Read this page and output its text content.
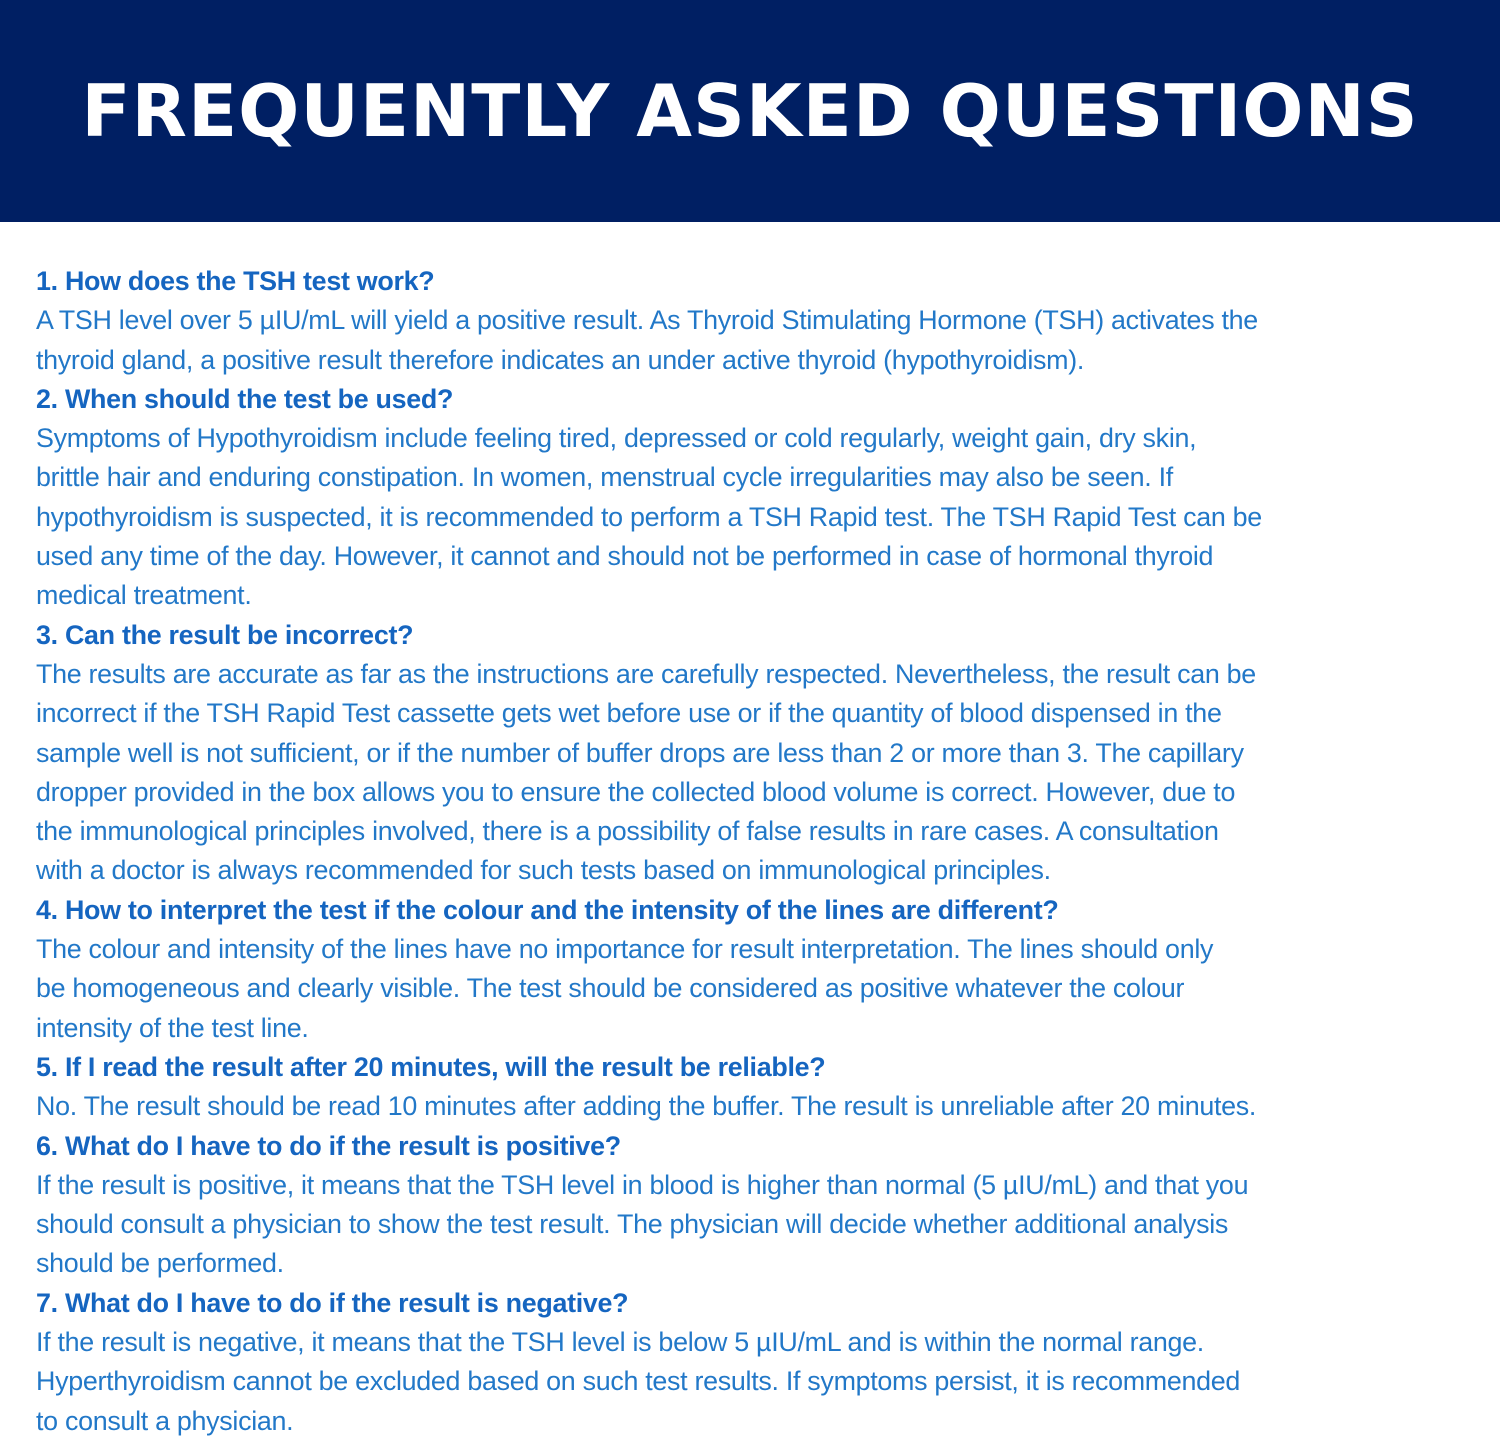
FREQUENTLY ASKED QUESTIONS
1. How does the TSH test work?
A TSH level over 5 µIU/mL will yield a positive result. As Thyroid Stimulating Hormone (TSH) activates the
thyroid gland, a positive result therefore indicates an under active thyroid (hypothyroidism).
2. When should the test be used?
Symptoms of Hypothyroidism include feeling tired, depressed or cold regularly, weight gain, dry skin,
brittle hair and enduring constipation. In women, menstrual cycle irregularities may also be seen. If
hypothyroidism is suspected, it is recommended to perform a TSH Rapid test. The TSH Rapid Test can be
used any time of the day. However, it cannot and should not be performed in case of hormonal thyroid
medical treatment.
3. Can the result be incorrect?
The results are accurate as far as the instructions are carefully respected. Nevertheless, the result can be
incorrect if the TSH Rapid Test cassette gets wet before use or if the quantity of blood dispensed in the
sample well is not sufficient, or if the number of buffer drops are less than 2 or more than 3. The capillary
dropper provided in the box allows you to ensure the collected blood volume is correct. However, due to
the immunological principles involved, there is a possibility of false results in rare cases. A consultation
with a doctor is always recommended for such tests based on immunological principles.
4. How to interpret the test if the colour and the intensity of the lines are different?
The colour and intensity of the lines have no importance for result interpretation. The lines should only
be homogeneous and clearly visible. The test should be considered as positive whatever the colour
intensity of the test line.
5. If I read the result after 20 minutes, will the result be reliable?
No. The result should be read 10 minutes after adding the buffer. The result is unreliable after 20 minutes.
6. What do I have to do if the result is positive?
If the result is positive, it means that the TSH level in blood is higher than normal (5 µIU/mL) and that you
should consult a physician to show the test result. The physician will decide whether additional analysis
should be performed.
7. What do I have to do if the result is negative?
If the result is negative, it means that the TSH level is below 5 µIU/mL and is within the normal range.
Hyperthyroidism cannot be excluded based on such test results. If symptoms persist, it is recommended
to consult a physician.
